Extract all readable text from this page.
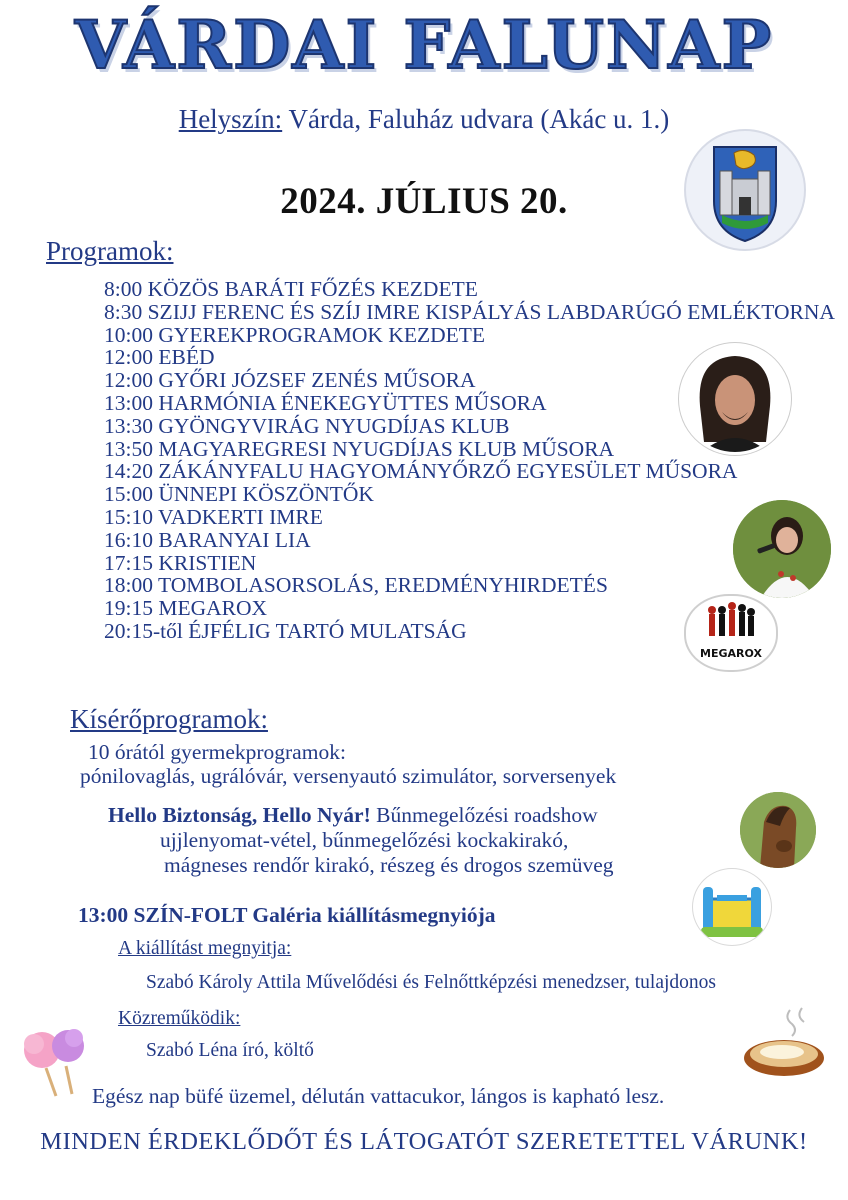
VÁRDAI FALUNAP
Helyszín: Várda, Faluház udvara (Akác u. 1.)
2024. JÚLIUS 20.
Programok:
8:00 KÖZÖS BARÁTI FŐZÉS KEZDETE
8:30 SZIJJ FERENC ÉS SZÍJ IMRE KISPÁLYÁS LABDARÚGÓ EMLÉKTORNA
10:00 GYEREKPROGRAMOK KEZDETE
12:00 EBÉD
12:00 GYŐRI JÓZSEF ZENÉS MŰSORA
13:00 HARMÓNIA ÉNEKEGYÜTTES MŰSORA
13:30 GYÖNGYVIRÁG NYUGDÍJAS KLUB
13:50 MAGYAREGRESI NYUGDÍJAS KLUB MŰSORA
14:20 ZÁKÁNYFALU HAGYOMÁNYŐRZŐ EGYESÜLET MŰSORA
15:00 ÜNNEPI KÖSZÖNTŐK
15:10 VADKERTI IMRE
16:10 BARANYAI LIA
17:15 KRISTIEN
18:00 TOMBOLASORSOLÁS, EREDMÉNYHIRDETÉS
19:15 MEGAROX
20:15-től ÉJFÉLIG TARTÓ MULATSÁG
MEGAROX
Kísérőprogramok:
10 órától gyermekprogramok:
pónilovaglás, ugrálóvár, versenyautó szimulátor, sorversenyek
Hello Biztonság, Hello Nyár! Bűnmegelőzési roadshow
ujjlenyomat-vétel, bűnmegelőzési kockakirakó,
mágneses rendőr kirakó, részeg és drogos szemüveg
13:00 SZÍN-FOLT Galéria kiállításmegnyiója
A kiállítást megnyitja:
Szabó Károly Attila Művelődési és Felnőttképzési menedzser, tulajdonos
Közreműködik:
Szabó Léna író, költő
Egész nap büfé üzemel, délután vattacukor, lángos is kapható lesz.
MINDEN ÉRDEKLŐDŐT ÉS LÁTOGATÓT SZERETETTEL VÁRUNK!
